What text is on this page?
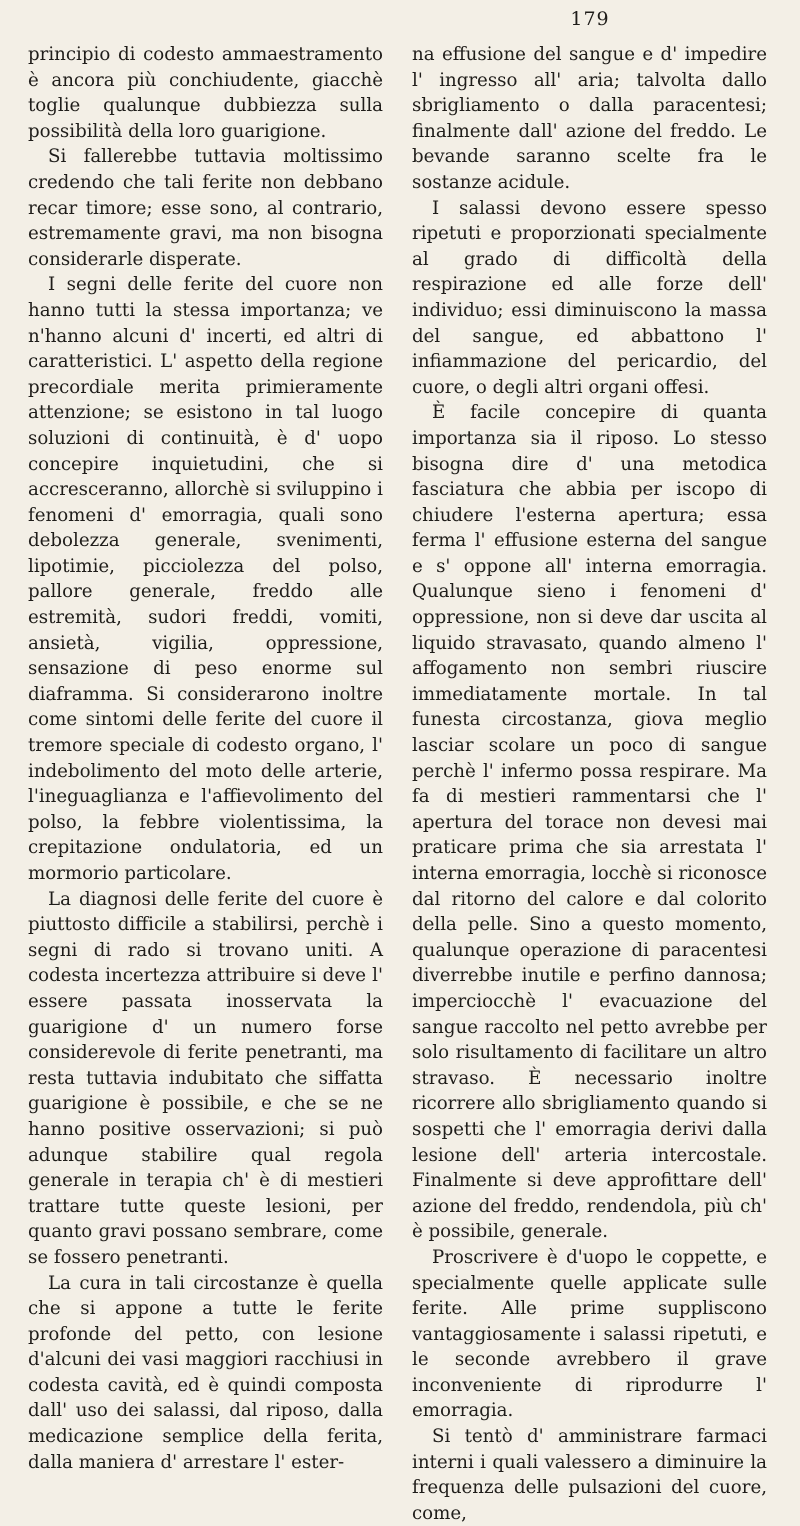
179

principio di codesto ammaestramento è ancora più conchiudente, giacchè toglie qualunque dubbiezza sulla possibilità della loro guarigione.

Si fallerebbe tuttavia moltissimo credendo che tali ferite non debbano recar timore; esse sono, al contrario, estremamente gravi, ma non bisogna considerarle disperate.

I segni delle ferite del cuore non hanno tutti la stessa importanza; ve n'hanno alcuni d' incerti, ed altri di caratteristici. L' aspetto della regione precordiale merita primieramente attenzione; se esistono in tal luogo soluzioni di continuità, è d' uopo concepire inquietudini, che si accresceranno, allorchè si sviluppino i fenomeni d' emorragia, quali sono debolezza generale, svenimenti, lipotimie, picciolezza del polso, pallore generale, freddo alle estremità, sudori freddi, vomiti, ansietà, vigilia, oppressione, sensazione di peso enorme sul diaframma. Si considerarono inoltre come sintomi delle ferite del cuore il tremore speciale di codesto organo, l' indebolimento del moto delle arterie, l'ineguaglianza e l'affievolimento del polso, la febbre violentissima, la crepitazione ondulatoria, ed un mormorio particolare.

La diagnosi delle ferite del cuore è piuttosto difficile a stabilirsi, perchè i segni di rado si trovano uniti. A codesta incertezza attribuire si deve l' essere passata inosservata la guarigione d' un numero forse considerevole di ferite penetranti, ma resta tuttavia indubitato che siffatta guarigione è possibile, e che se ne hanno positive osservazioni; si può adunque stabilire qual regola generale in terapia ch' è di mestieri trattare tutte queste lesioni, per quanto gravi possano sembrare, come se fossero penetranti.

La cura in tali circostanze è quella che si appone a tutte le ferite profonde del petto, con lesione d'alcuni dei vasi maggiori racchiusi in codesta cavità, ed è quindi composta dall' uso dei salassi, dal riposo, dalla medicazione semplice della ferita, dalla maniera d' arrestare l' ester-

na effusione del sangue e d' impedire l' ingresso all' aria; talvolta dallo sbrigliamento o dalla paracentesi; finalmente dall' azione del freddo. Le bevande saranno scelte fra le sostanze acidule.

I salassi devono essere spesso ripetuti e proporzionati specialmente al grado di difficoltà della respirazione ed alle forze dell' individuo; essi diminuiscono la massa del sangue, ed abbattono l' infiammazione del pericardio, del cuore, o degli altri organi offesi.

È facile concepire di quanta importanza sia il riposo. Lo stesso bisogna dire d' una metodica fasciatura che abbia per iscopo di chiudere l'esterna apertura; essa ferma l' effusione esterna del sangue e s' oppone all' interna emorragia. Qualunque sieno i fenomeni d' oppressione, non si deve dar uscita al liquido stravasato, quando almeno l' affogamento non sembri riuscire immediatamente mortale. In tal funesta circostanza, giova meglio lasciar scolare un poco di sangue perchè l' infermo possa respirare. Ma fa di mestieri rammentarsi che l' apertura del torace non devesi mai praticare prima che sia arrestata l' interna emorragia, locchè si riconosce dal ritorno del calore e dal colorito della pelle. Sino a questo momento, qualunque operazione di paracentesi diverrebbe inutile e perfino dannosa; imperciocchè l' evacuazione del sangue raccolto nel petto avrebbe per solo risultamento di facilitare un altro stravaso. È necessario inoltre ricorrere allo sbrigliamento quando si sospetti che l' emorragia derivi dalla lesione dell' arteria intercostale. Finalmente si deve approfittare dell' azione del freddo, rendendola, più ch' è possibile, generale.

Proscrivere è d'uopo le coppette, e specialmente quelle applicate sulle ferite. Alle prime suppliscono vantaggiosamente i salassi ripetuti, e le seconde avrebbero il grave inconveniente di riprodurre l' emorragia.

Si tentò d' amministrare farmaci interni i quali valessero a diminuire la frequenza delle pulsazioni del cuore, come,
